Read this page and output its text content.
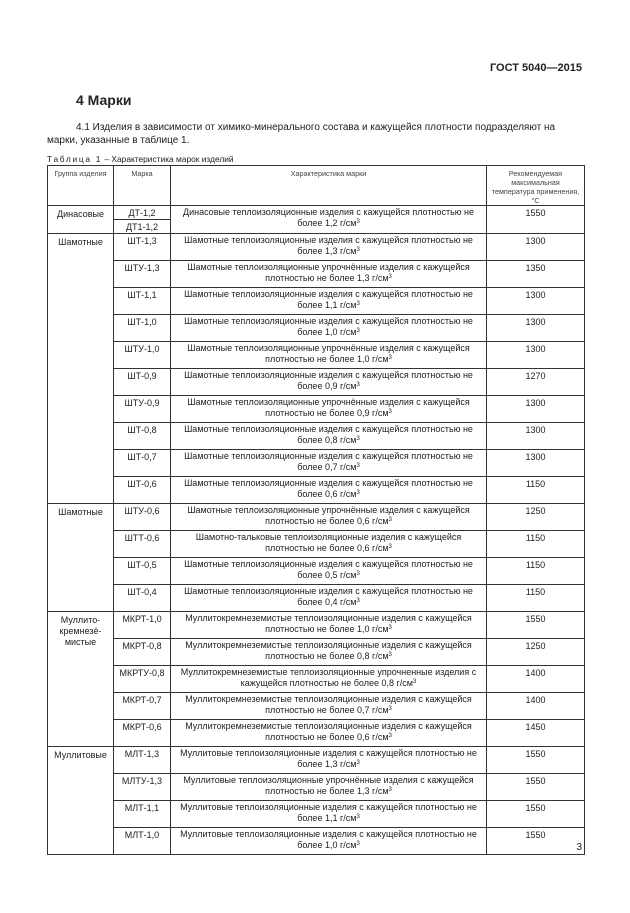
ГОСТ 5040—2015
4 Марки
4.1 Изделия в зависимости от химико-минерального состава и кажущейся плотности подразделяют на марки, указанные в таблице 1.
Таблица 1 – Характеристика марок изделий
Группа изделия	Марка	Характеристика марки	Рекомендуемая максимальная температура применения, °С
Динасовые	ДТ-1,2	Динасовые теплоизоляционные изделия с кажущейся плотностью не более 1,2 $г/см^3$	1550
	ДТ1-1,2		
Шамотные	ШТ-1,3	Шамотные теплоизоляционные изделия с кажущейся плотностью не более 1,3 $г/см^3$	1300
	ШТУ-1,3	Шамотные теплоизоляционные упрочнённые изделия с кажущейся плотностью не более 1,3 $г/см^3$	1350
	ШТ-1,1	Шамотные теплоизоляционные изделия с кажущейся плотностью не более 1,1 $г/см^3$	1300
	ШТ-1,0	Шамотные теплоизоляционные изделия с кажущейся плотностью не более 1,0 $г/см^3$	1300
	ШТУ-1,0	Шамотные теплоизоляционные упрочнённые изделия с кажущейся плотностью не более 1,0 $г/см^3$	1300
	ШТ-0,9	Шамотные теплоизоляционные изделия с кажущейся плотностью не более 0,9 $г/см^3$	1270
	ШТУ-0,9	Шамотные теплоизоляционные упрочнённые изделия с кажущейся плотностью не более 0,9 $г/см^3$	1300
	ШТ-0,8	Шамотные теплоизоляционные изделия с кажущейся плотностью не более 0,8 $г/см^3$	1300
	ШТ-0,7	Шамотные теплоизоляционные изделия с кажущейся плотностью не более 0,7 $г/см^3$	1300
	ШТ-0,6	Шамотные теплоизоляционные изделия с кажущейся плотностью не более 0,6 $г/см^3$	1150
Шамотные	ШТУ-0,6	Шамотные теплоизоляционные упрочнённые изделия с кажущейся плотностью не более 0,6 $г/см^3$	1250
	ШТТ-0,6	Шамотно-тальковые теплоизоляционные изделия с кажущейся плотностью не более 0,6 $г/см^3$	1150
	ШТ-0,5	Шамотные теплоизоляционные изделия с кажущейся плотностью не более 0,5 $г/см^3$	1150
	ШТ-0,4	Шамотные теплоизоляционные изделия с кажущейся плотностью не более 0,4 $г/см^3$	1150
Муллито-кремнезё-мистые	МКРТ-1,0	Муллитокремнеземистые теплоизоляционные изделия с кажущейся плотностью не более 1,0 $г/см^3$	1550
	МКРТ-0,8	Муллитокремнеземистые теплоизоляционные изделия с кажущейся плотностью не более 0,8 $г/см^3$	1250
	МКРТУ-0,8	Муллитокремнеземистые теплоизоляционные упрочненные изделия с кажущейся плотностью не более 0,8 $г/см^3$	1400
	МКРТ-0,7	Муллитокремнеземистые теплоизоляционные изделия с кажущейся плотностью не более 0,7 $г/см^3$	1400
	МКРТ-0,6	Муллитокремнеземистые теплоизоляционные изделия с кажущейся плотностью не более 0,6 $г/см^3$	1450
Муллитовые	МЛТ-1,3	Муллитовые теплоизоляционные изделия с кажущейся плотностью не более 1,3 $г/см^3$	1550
	МЛТУ-1,3	Муллитовые теплоизоляционные упрочнённые изделия с кажущейся плотностью не более 1,3 $г/см^3$	1550
	МЛТ-1,1	Муллитовые теплоизоляционные изделия с кажущейся плотностью не более 1,1 $г/см^3$	1550
	МЛТ-1,0	Муллитовые теплоизоляционные изделия с кажущейся плотностью не более 1,0 $г/см^3$	1550
3
